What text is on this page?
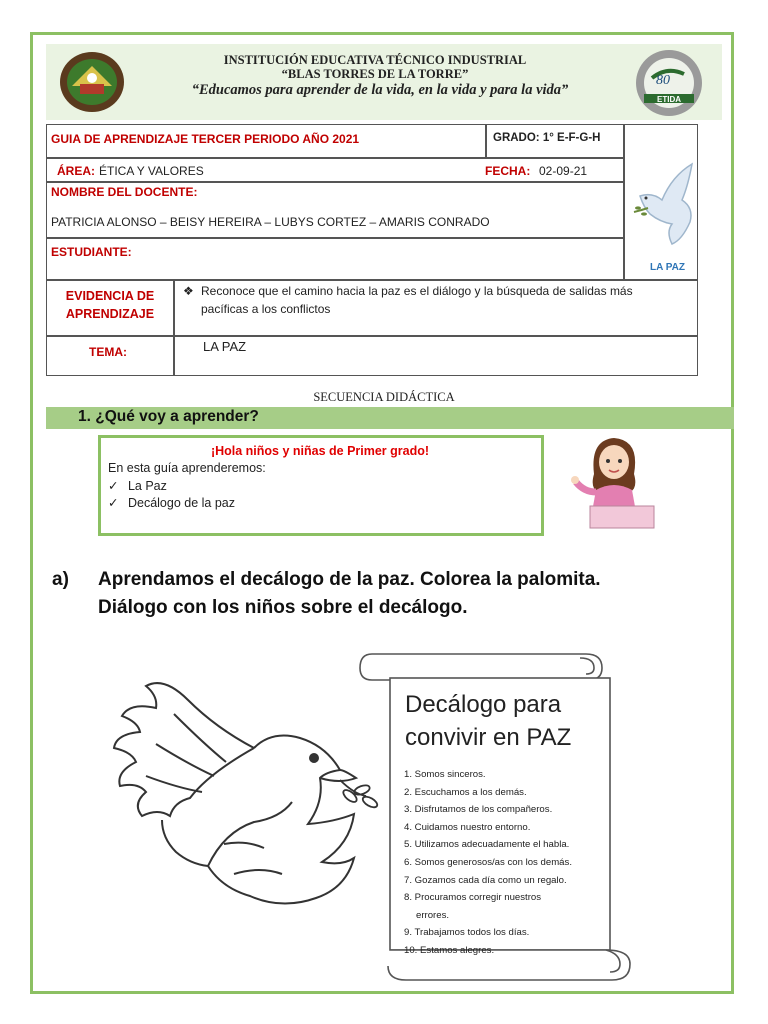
INSTITUCIÓN EDUCATIVA TÉCNICO INDUSTRIAL
“BLAS TORRES DE LA TORRE”
“Educamos para aprender de la vida, en la vida y para la vida”
80
ETIDA
GUIA DE APRENDIZAJE TERCER PERIODO AÑO 2021	GRADO: 1° E-F-G-H
ÁREA: ÉTICA Y VALORES	FECHA: 02-09-21
NOMBRE DEL DOCENTE:
PATRICIA ALONSO – BEISY HEREIRA – LUBYS CORTEZ – AMARIS CONRADO
ESTUDIANTE:
EVIDENCIA DE
APRENDIZAJE
❖ Reconoce que el camino hacia la paz es el diálogo y la búsqueda de salidas más
pacíficas a los conflictos
TEMA:	LA PAZ
LA PAZ
SECUENCIA DIDÁCTICA
1. ¿Qué voy a aprender?
¡Hola niños y niñas de Primer grado!
En esta guía aprenderemos:
✓ La Paz
✓ Decálogo de la paz
a) Aprendamos el decálogo de la paz. Colorea la palomita.
Diálogo con los niños sobre el decálogo.
Decálogo para
convivir en PAZ
1. Somos sinceros.
2. Escuchamos a los demás.
3. Disfrutamos de los compañeros.
4. Cuidamos nuestro entorno.
5. Utilizamos adecuadamente el habla.
6. Somos generosos/as con los demás.
7. Gozamos cada día como un regalo.
8. Procuramos corregir nuestros
errores.
9. Trabajamos todos los días.
10. Estamos alegres.
